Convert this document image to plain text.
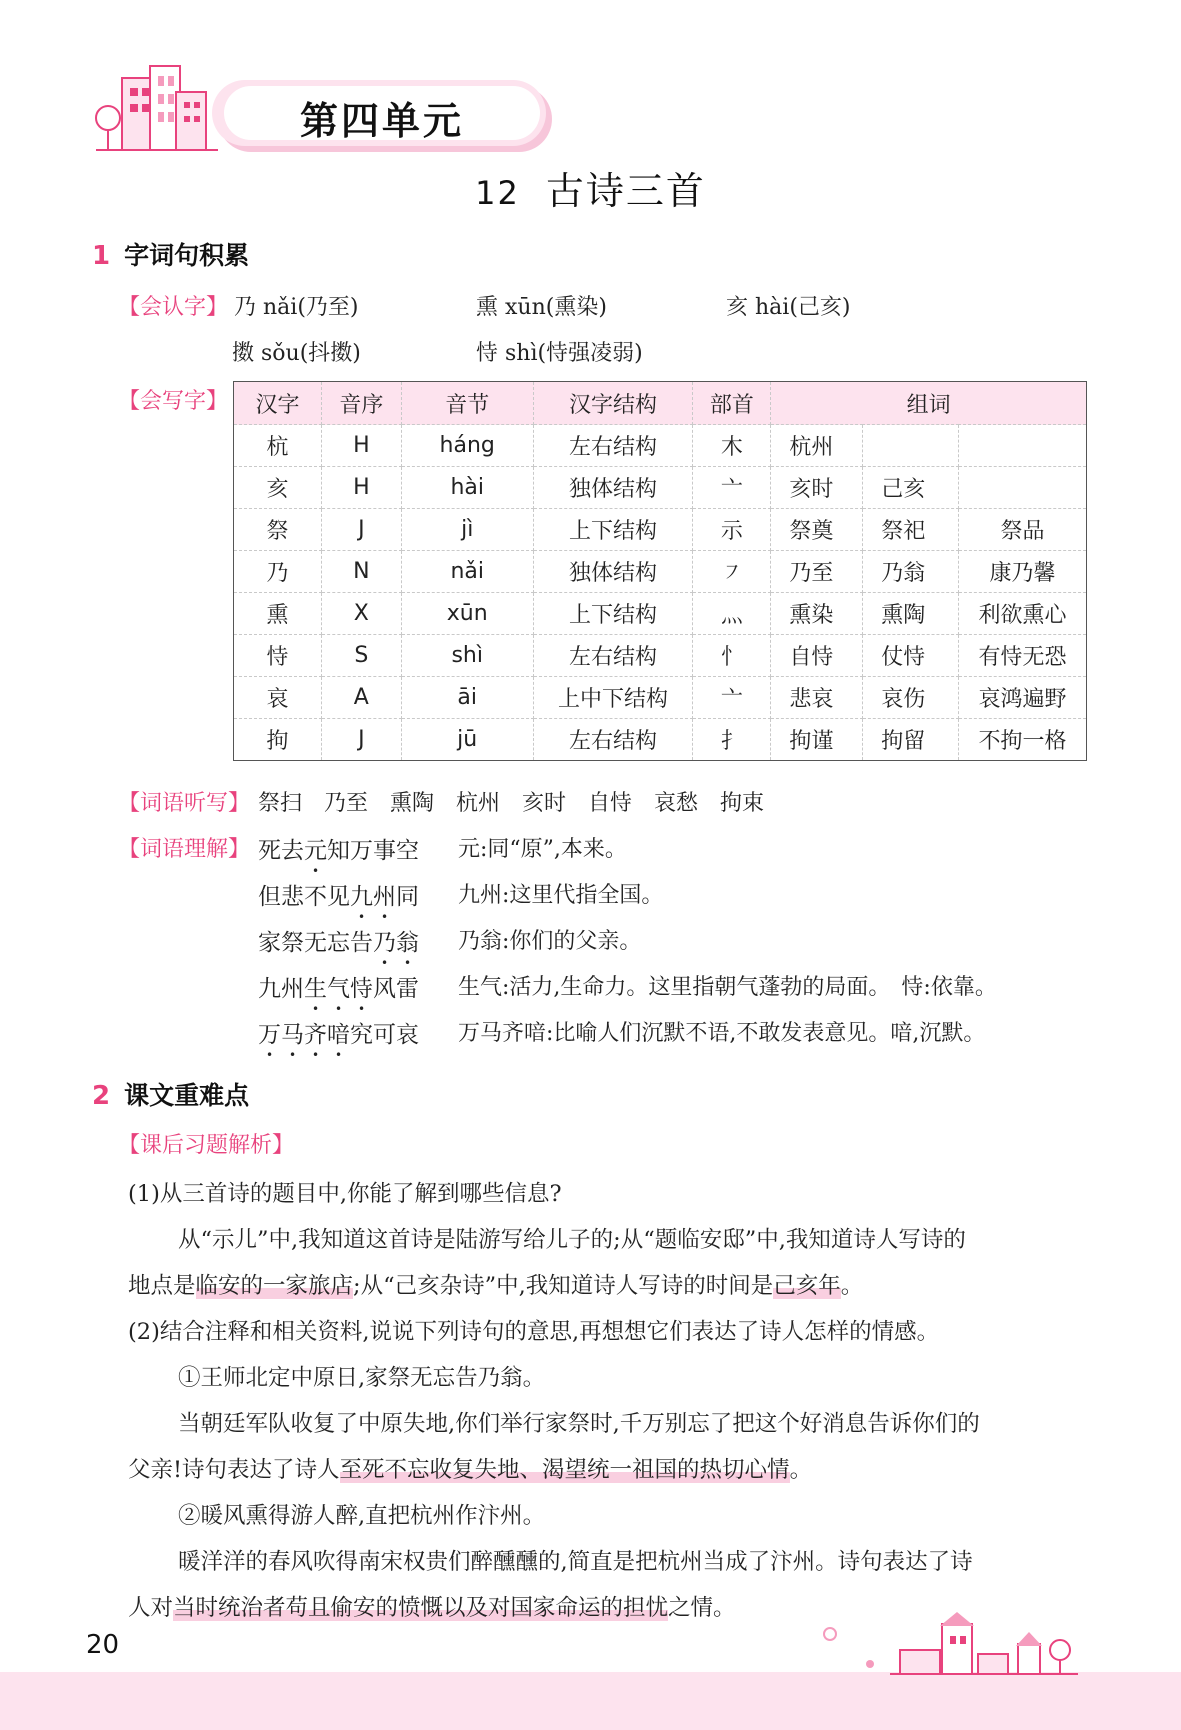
第四单元
12 古诗三首
1 字词句积累
【会认字】 乃 nǎi(乃至)	熏 xūn(熏染)	亥 hài(己亥)
擞 sǒu(抖擞)	恃 shì(恃强凌弱)
【会写字】 汉字	音序	音节	汉字结构	部首	组词		
杭	H	háng	左右结构	木	杭州		
亥	H	hài	独体结构	亠	亥时	己亥	
祭	J	jì	上下结构	示	祭奠	祭祀	祭品
乃	N	nǎi	独体结构	㇇	乃至	乃翁	康乃馨
熏	X	xūn	上下结构	灬	熏染	熏陶	利欲熏心
恃	S	shì	左右结构	忄	自恃	仗恃	有恃无恐
哀	A	āi	上中下结构	亠	悲哀	哀伤	哀鸿遍野
拘	J	jū	左右结构	扌	拘谨	拘留	不拘一格
【词语听写】 祭扫　乃至　熏陶　杭州　亥时　自恃　哀愁　拘束
【词语理解】 死去元知万事空 元:同“原”,本来。
但悲不见九州同 九州:这里代指全国。
家祭无忘告乃翁 乃翁:你们的父亲。
九州生气恃风雷 生气:活力,生命力。这里指朝气蓬勃的局面。　恃:依靠。
万马齐喑究可哀 万马齐喑:比喻人们沉默不语,不敢发表意见。喑,沉默。
2 课文重难点
【课后习题解析】
(1)从三首诗的题目中,你能了解到哪些信息?
从“示儿”中,我知道这首诗是陆游写给儿子的;从“题临安邸”中,我知道诗人写诗的
地点是临安的一家旅店;从“己亥杂诗”中,我知道诗人写诗的时间是己亥年。
(2)结合注释和相关资料,说说下列诗句的意思,再想想它们表达了诗人怎样的情感。
①王师北定中原日,家祭无忘告乃翁。
当朝廷军队收复了中原失地,你们举行家祭时,千万别忘了把这个好消息告诉你们的
父亲!诗句表达了诗人至死不忘收复失地、渴望统一祖国的热切心情。
②暖风熏得游人醉,直把杭州作汴州。
暖洋洋的春风吹得南宋权贵们醉醺醺的,简直是把杭州当成了汴州。诗句表达了诗
人对当时统治者苟且偷安的愤慨以及对国家命运的担忧之情。
20
